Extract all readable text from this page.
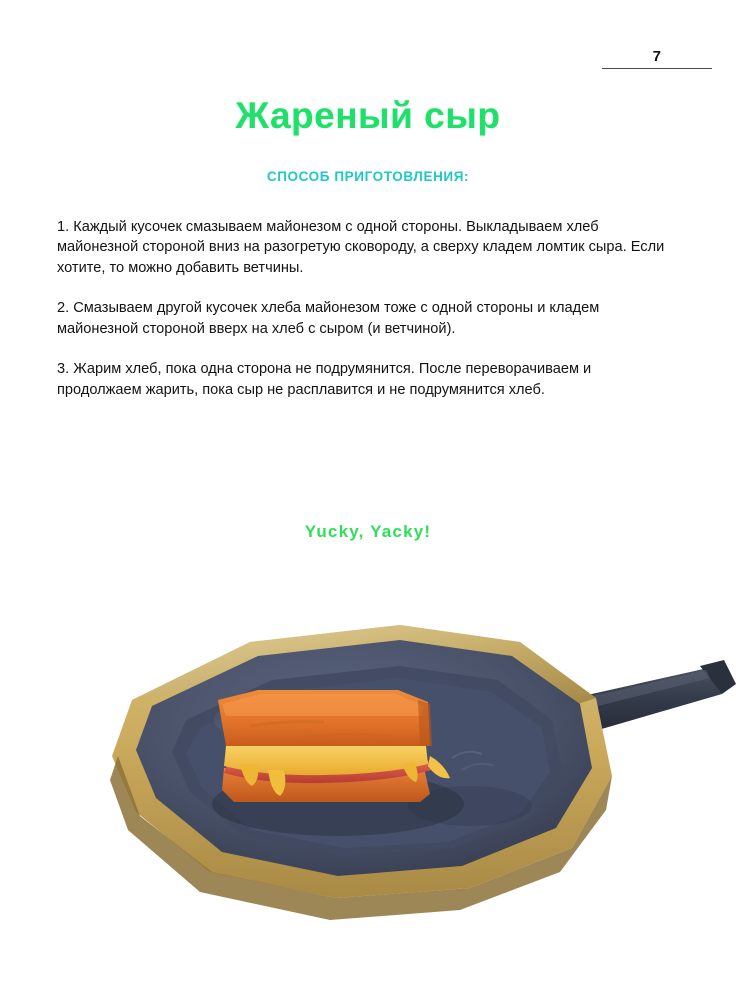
7
Жареный сыр
СПОСОБ ПРИГОТОВЛЕНИЯ:

1. Каждый кусочек смазываем майонезом с одной стороны. Выкладываем хлеб майонезной стороной вниз на разогретую сковороду, а сверху кладем ломтик сыра. Если хотите, то можно добавить ветчины.

2. Смазываем другой кусочек хлеба майонезом тоже с одной стороны и кладем майонезной стороной вверх на хлеб с сыром (и ветчиной).

3. Жарим хлеб, пока одна сторона не подрумянится. После переворачиваем и продолжаем жарить, пока сыр не расплавится и не подрумянится хлеб.

Yucky, Yacky!
